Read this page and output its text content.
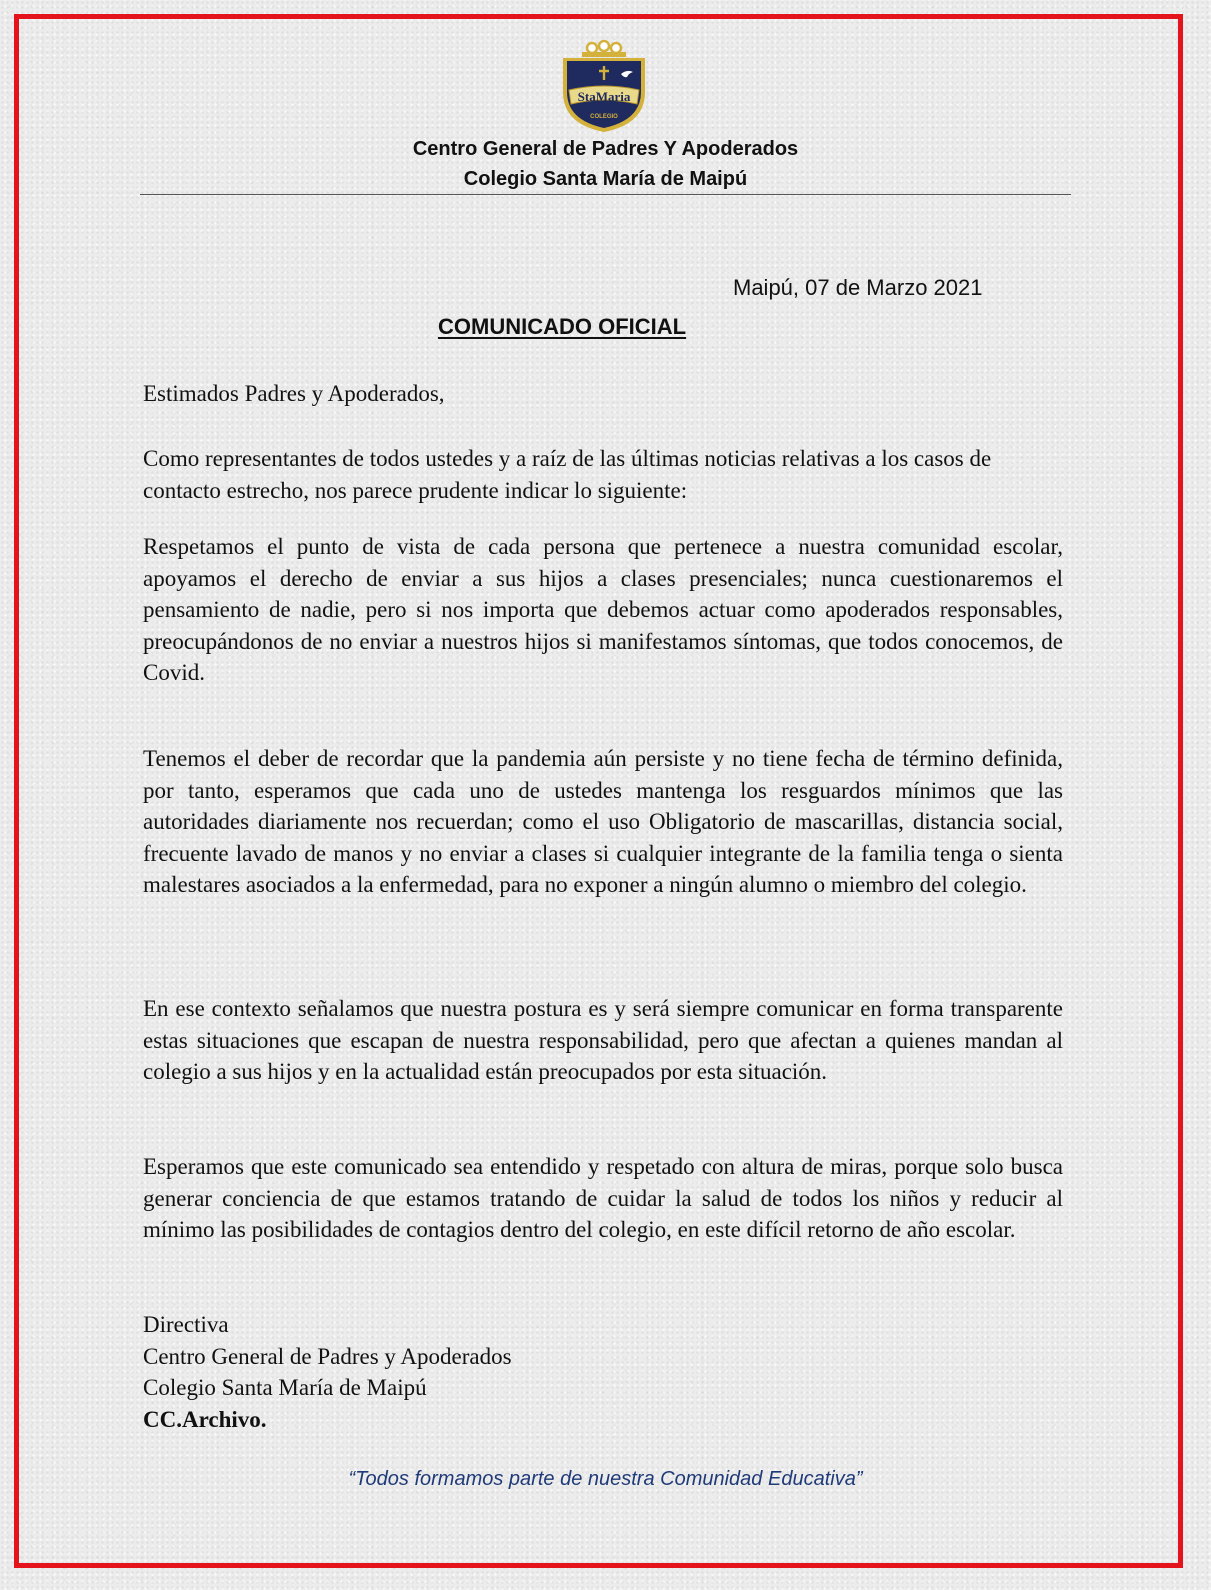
StaMaria
COLEGIO

Centro General de Padres Y Apoderados

Colegio Santa María de Maipú

Maipú, 07 de Marzo 2021

COMUNICADO OFICIAL

Estimados Padres y Apoderados,

Como representantes de todos ustedes y a raíz de las últimas noticias relativas a los casos de contacto estrecho, nos parece prudente indicar lo siguiente:

Respetamos el punto de vista de cada persona que pertenece a nuestra comunidad escolar, apoyamos el derecho de enviar a sus hijos a clases presenciales; nunca cuestionaremos el pensamiento de nadie, pero si nos importa que debemos actuar como apoderados responsables, preocupándonos de no enviar a nuestros hijos si manifestamos síntomas, que todos conocemos, de Covid.

Tenemos el deber de recordar que la pandemia aún persiste y no tiene fecha de término definida, por tanto, esperamos que cada uno de ustedes mantenga los resguardos mínimos que las autoridades diariamente nos recuerdan; como el uso Obligatorio de mascarillas, distancia social, frecuente lavado de manos y no enviar a clases si cualquier integrante de la familia tenga o sienta malestares asociados a la enfermedad, para no exponer a ningún alumno o miembro del colegio.

En ese contexto señalamos que nuestra postura es y será siempre comunicar en forma transparente estas situaciones que escapan de nuestra responsabilidad, pero que afectan a quienes mandan al colegio a sus hijos y en la actualidad están preocupados por esta situación.

Esperamos que este comunicado sea entendido y respetado con altura de miras, porque solo busca generar conciencia de que estamos tratando de cuidar la salud de todos los niños y reducir al mínimo las posibilidades de contagios dentro del colegio, en este difícil retorno de año escolar.

Directiva
Centro General de Padres y Apoderados
Colegio Santa María de Maipú
CC.Archivo.

“Todos formamos parte de nuestra Comunidad Educativa”
